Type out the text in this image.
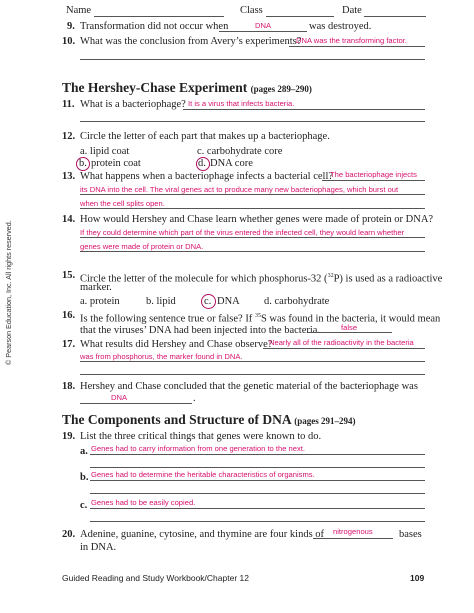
Name	Class	Date
9. Transformation did not occur when	DNA	was destroyed.
10. What was the conclusion from Avery’s experiments?
DNA was the transforming factor.
The Hershey-Chase Experiment (pages 289–290)
11. What is a bacteriophage? It is a virus that infects bacteria.
12. Circle the letter of each part that makes up a bacteriophage.
a. lipid coat	c. carbohydrate core
b. protein coat	d. DNA core
13. What happens when a bacteriophage infects a bacterial cell?
The bacteriophage injects
its DNA into the cell. The viral genes act to produce many new bacteriophages, which burst out
when the cell splits open.
14. How would Hershey and Chase learn whether genes were made of protein or DNA?
If they could determine which part of the virus entered the infected cell, they would learn whether
genes were made of protein or DNA.
15. Circle the letter of the molecule for which phosphorus-32 ($^{32}$P) is used as a radioactive
marker.
a. protein	b. lipid	c. DNA d. carbohydrate
16. Is the following sentence true or false? If $^{35}$S was found in the bacteria, it would mean
that the viruses’ DNA had been injected into the bacteria.	false
17. What results did Hershey and Chase observe?
Nearly all of the radioactivity in the bacteria
was from phosphorus, the marker found in DNA.
18. Hershey and Chase concluded that the genetic material of the bacteriophage was
DNA	.
The Components and Structure of DNA (pages 291–294)
19. List the three critical things that genes were known to do.
a. Genes had to carry information from one generation to the next.
b. Genes had to determine the heritable characteristics of organisms.
c. Genes had to be easily copied.
20. Adenine, guanine, cytosine, and thymine are four kinds of nitrogenous	bases
in DNA.
© Pearson Education, Inc. All rights reserved.
Guided Reading and Study Workbook/Chapter 12	109
